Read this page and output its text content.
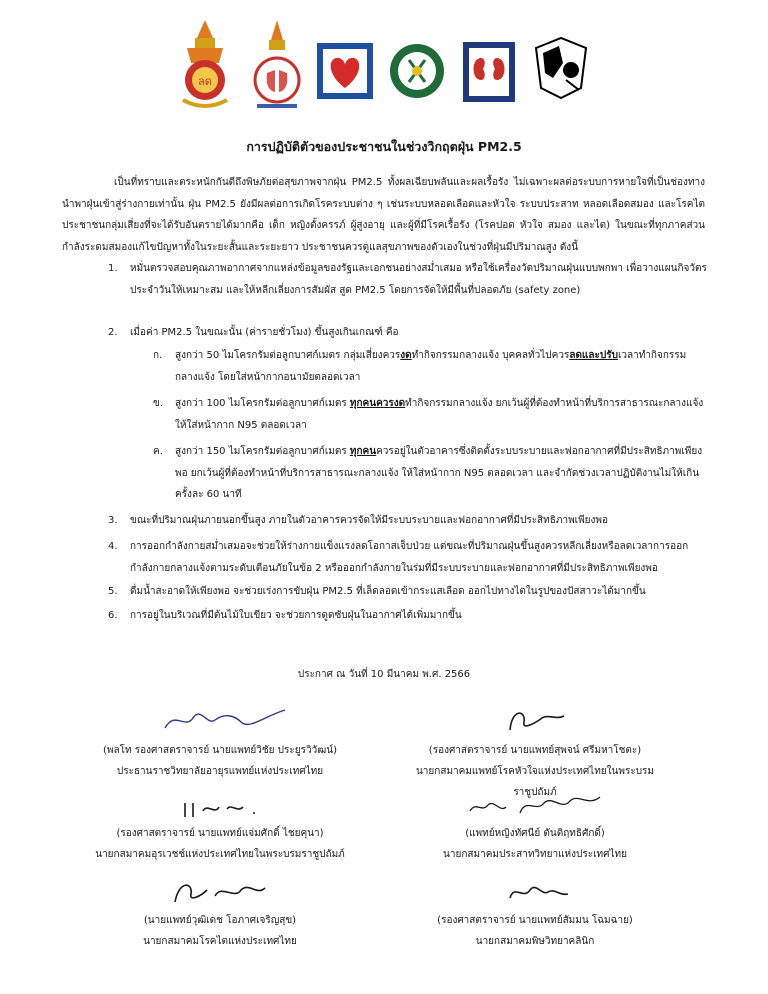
ลด
การปฏิบัติตัวของประชาชนในช่วงวิกฤตฝุ่น PM2.5
เป็นที่ทราบและตระหนักกันดีถึงพิษภัยต่อสุขภาพจากฝุ่น PM2.5 ทั้งผลเฉียบพลันและผลเรื้อรัง ไม่เฉพาะผลต่อระบบการหายใจที่เป็นช่องทางนำพาฝุ่นเข้าสู่ร่างกายเท่านั้น ฝุ่น PM2.5 ยังมีผลต่อการเกิดโรคระบบต่าง ๆ เช่นระบบหลอดเลือดและหัวใจ ระบบประสาท หลอดเลือดสมอง และโรคไต ประชาชนกลุ่มเสี่ยงที่จะได้รับอันตรายได้มากคือ เด็ก หญิงตั้งครรภ์ ผู้สูงอายุ และผู้ที่มีโรคเรื้อรัง (โรคปอด หัวใจ สมอง และไต) ในขณะที่ทุกภาคส่วนกำลังระดมสมองแก้ไขปัญหาทั้งในระยะสั้นและระยะยาว ประชาชนควรดูแลสุขภาพของตัวเองในช่วงที่ฝุ่นมีปริมาณสูง ดังนี้
1.	หมั่นตรวจสอบคุณภาพอากาศจากแหล่งข้อมูลของรัฐและเอกชนอย่างสม่ำเสมอ หรือใช้เครื่องวัดปริมาณฝุ่นแบบพกพา เพื่อวางแผนกิจวัตรประจำวันให้เหมาะสม และให้หลีกเลี่ยงการสัมผัส สูด PM2.5 โดยการจัดให้มีพื้นที่ปลอดภัย (safety zone)
2.	เมื่อค่า PM2.5 ในขณะนั้น (ค่ารายชั่วโมง) ขึ้นสูงเกินเกณฑ์ คือ
ก.	สูงกว่า 50 ไมโครกรัมต่อลูกบาศก์เมตร กลุ่มเสี่ยงควรงดทำกิจกรรมกลางแจ้ง บุคคลทั่วไปควรลดและปรับเวลาทำกิจกรรมกลางแจ้ง โดยใส่หน้ากากอนามัยตลอดเวลา
ข.	สูงกว่า 100 ไมโครกรัมต่อลูกบาศก์เมตร ทุกคนควรงดทำกิจกรรมกลางแจ้ง ยกเว้นผู้ที่ต้องทำหน้าที่บริการสาธารณะกลางแจ้งให้ใส่หน้ากาก N95 ตลอดเวลา
ค.	สูงกว่า 150 ไมโครกรัมต่อลูกบาศก์เมตร ทุกคนควรอยู่ในตัวอาคารซึ่งติดตั้งระบบระบายและฟอกอากาศที่มีประสิทธิภาพเพียงพอ ยกเว้นผู้ที่ต้องทำหน้าที่บริการสาธารณะกลางแจ้ง ให้ใส่หน้ากาก N95 ตลอดเวลา และจำกัดช่วงเวลาปฏิบัติงานไม่ให้เกินครั้งละ 60 นาที
3.	ขณะที่ปริมาณฝุ่นภายนอกขึ้นสูง ภายในตัวอาคารควรจัดให้มีระบบระบายและฟอกอากาศที่มีประสิทธิภาพเพียงพอ
4.	การออกกำลังกายสม่ำเสมอจะช่วยให้ร่างกายแข็งแรงลดโอกาสเจ็บป่วย แต่ขณะที่ปริมาณฝุ่นขึ้นสูงควรหลีกเลี่ยงหรือลดเวลาการออกกำลังกายกลางแจ้งตามระดับเตือนภัยในข้อ 2 หรือออกกำลังกายในร่มที่มีระบบระบายและฟอกอากาศที่มีประสิทธิภาพเพียงพอ
5.	ดื่มน้ำสะอาดให้เพียงพอ จะช่วยเร่งการขับฝุ่น PM2.5 ที่เล็ดลอดเข้ากระแสเลือด ออกไปทางไตในรูปของปัสสาวะได้มากขึ้น
6.	การอยู่ในบริเวณที่มีต้นไม้ใบเขียว จะช่วยการดูดซับฝุ่นในอากาศได้เพิ่มมากขึ้น
ประกาศ ณ วันที่ 10 มีนาคม พ.ศ. 2566
(พลโท รองศาสตราจารย์ นายแพทย์วิชัย ประยูรวิวัฒน์)
ประธานราชวิทยาลัยอายุรแพทย์แห่งประเทศไทย
(รองศาสตราจารย์ นายแพทย์สุพจน์ ศรีมหาโชตะ)
นายกสมาคมแพทย์โรคหัวใจแห่งประเทศไทยในพระบรมราชูปถัมภ์
(รองศาสตราจารย์ นายแพทย์แจ่มศักดิ์ ไชยคุนา)
นายกสมาคมอุรเวชช์แห่งประเทศไทยในพระบรมราชูปถัมภ์
(แพทย์หญิงทัศนีย์ ตันติฤทธิศักดิ์)
นายกสมาคมประสาทวิทยาแห่งประเทศไทย
(นายแพทย์วุฒิเดช โอภาศเจริญสุข)
นายกสมาคมโรคไตแห่งประเทศไทย
(รองศาสตราจารย์ นายแพทย์สัมมน โฉมฉาย)
นายกสมาคมพิษวิทยาคลินิก
